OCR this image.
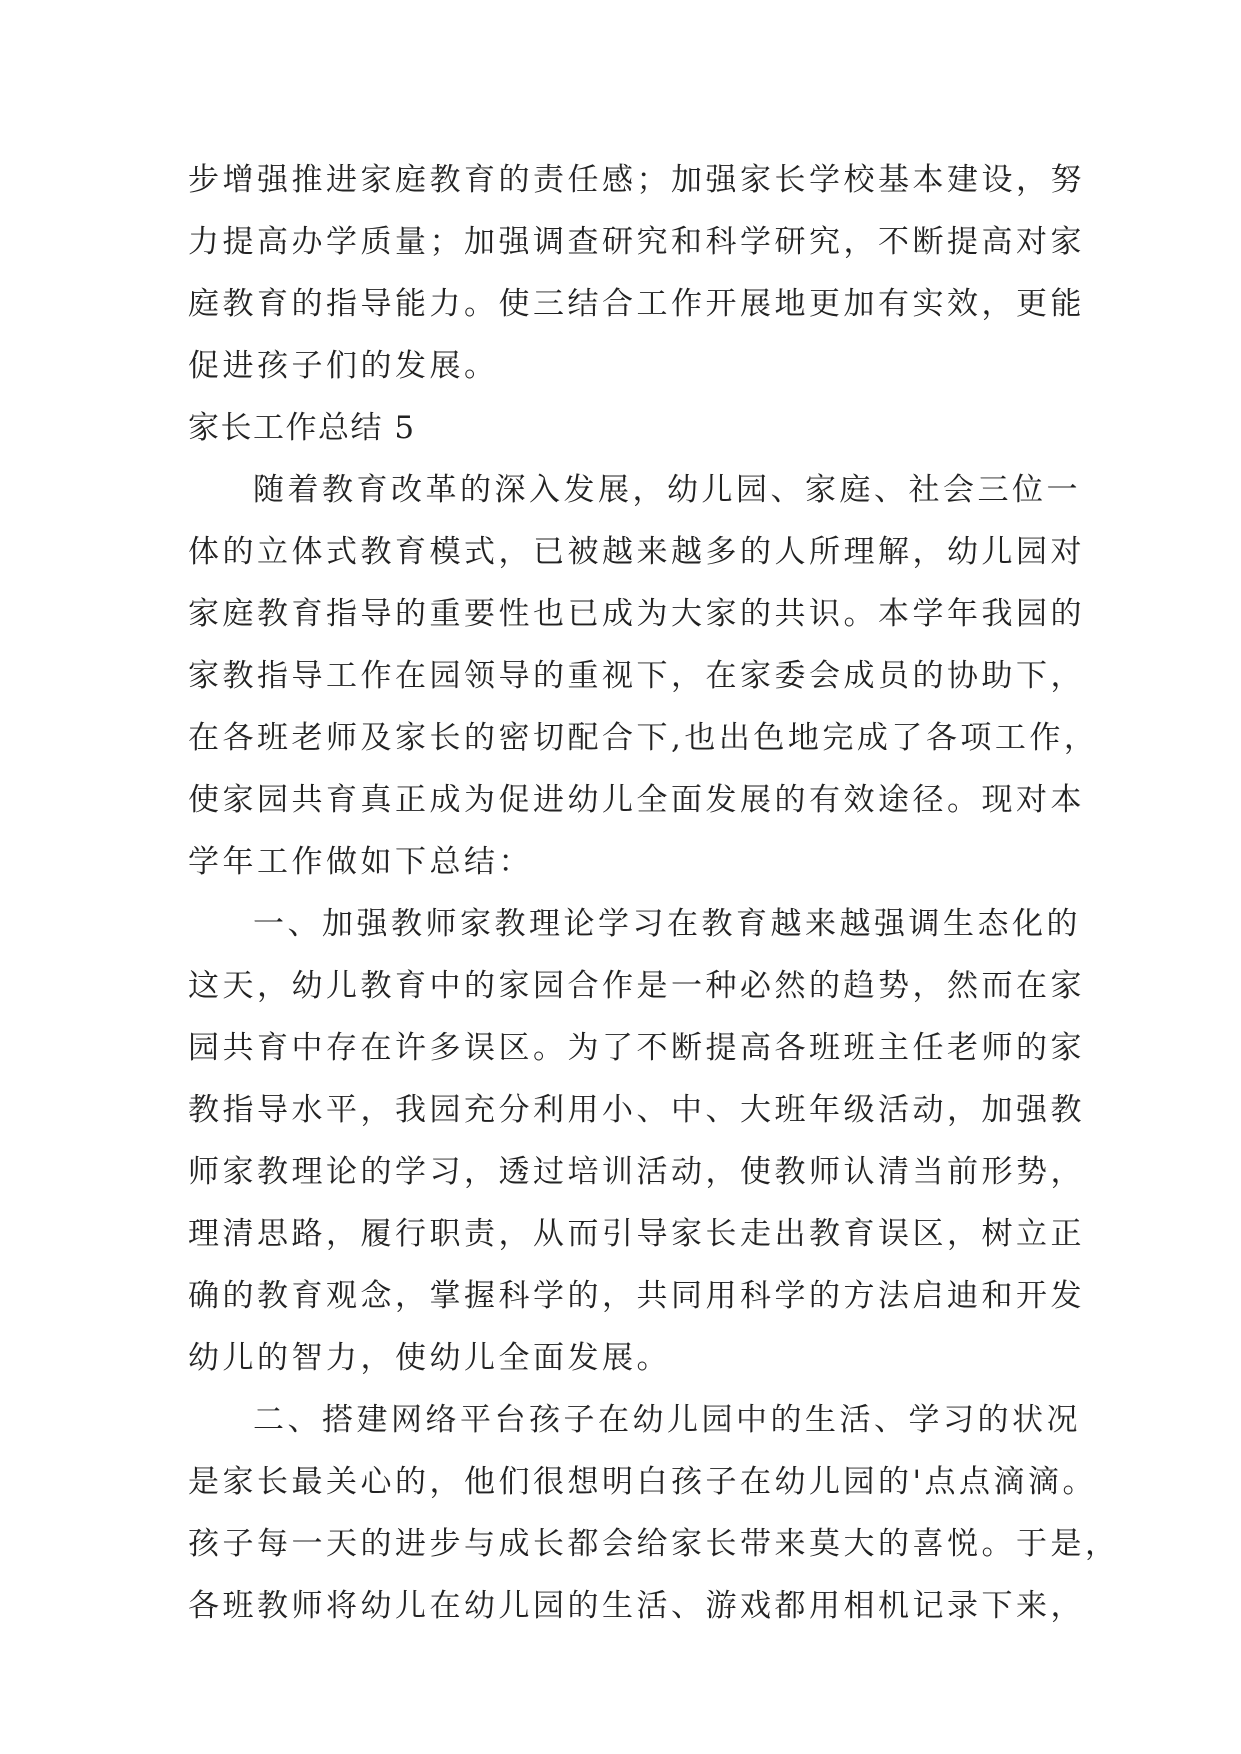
步增强推进家庭教育的责任感；加强家长学校基本建设，努
力提高办学质量；加强调查研究和科学研究，不断提高对家
庭教育的指导能力。使三结合工作开展地更加有实效，更能
促进孩子们的发展。
家长工作总结 5
随着教育改革的深入发展，幼儿园、家庭、社会三位一
体的立体式教育模式，已被越来越多的人所理解，幼儿园对
家庭教育指导的重要性也已成为大家的共识。本学年我园的
家教指导工作在园领导的重视下，在家委会成员的协助下，
在各班老师及家长的密切配合下,也出色地完成了各项工作，
使家园共育真正成为促进幼儿全面发展的有效途径。现对本
学年工作做如下总结：
一、加强教师家教理论学习在教育越来越强调生态化的
这天，幼儿教育中的家园合作是一种必然的趋势，然而在家
园共育中存在许多误区。为了不断提高各班班主任老师的家
教指导水平，我园充分利用小、中、大班年级活动，加强教
师家教理论的学习，透过培训活动，使教师认清当前形势，
理清思路，履行职责，从而引导家长走出教育误区，树立正
确的教育观念，掌握科学的，共同用科学的方法启迪和开发
幼儿的智力，使幼儿全面发展。
二、搭建网络平台孩子在幼儿园中的生活、学习的状况
是家长最关心的，他们很想明白孩子在幼儿园的'点点滴滴。
孩子每一天的进步与成长都会给家长带来莫大的喜悦。于是，
各班教师将幼儿在幼儿园的生活、游戏都用相机记录下来，
